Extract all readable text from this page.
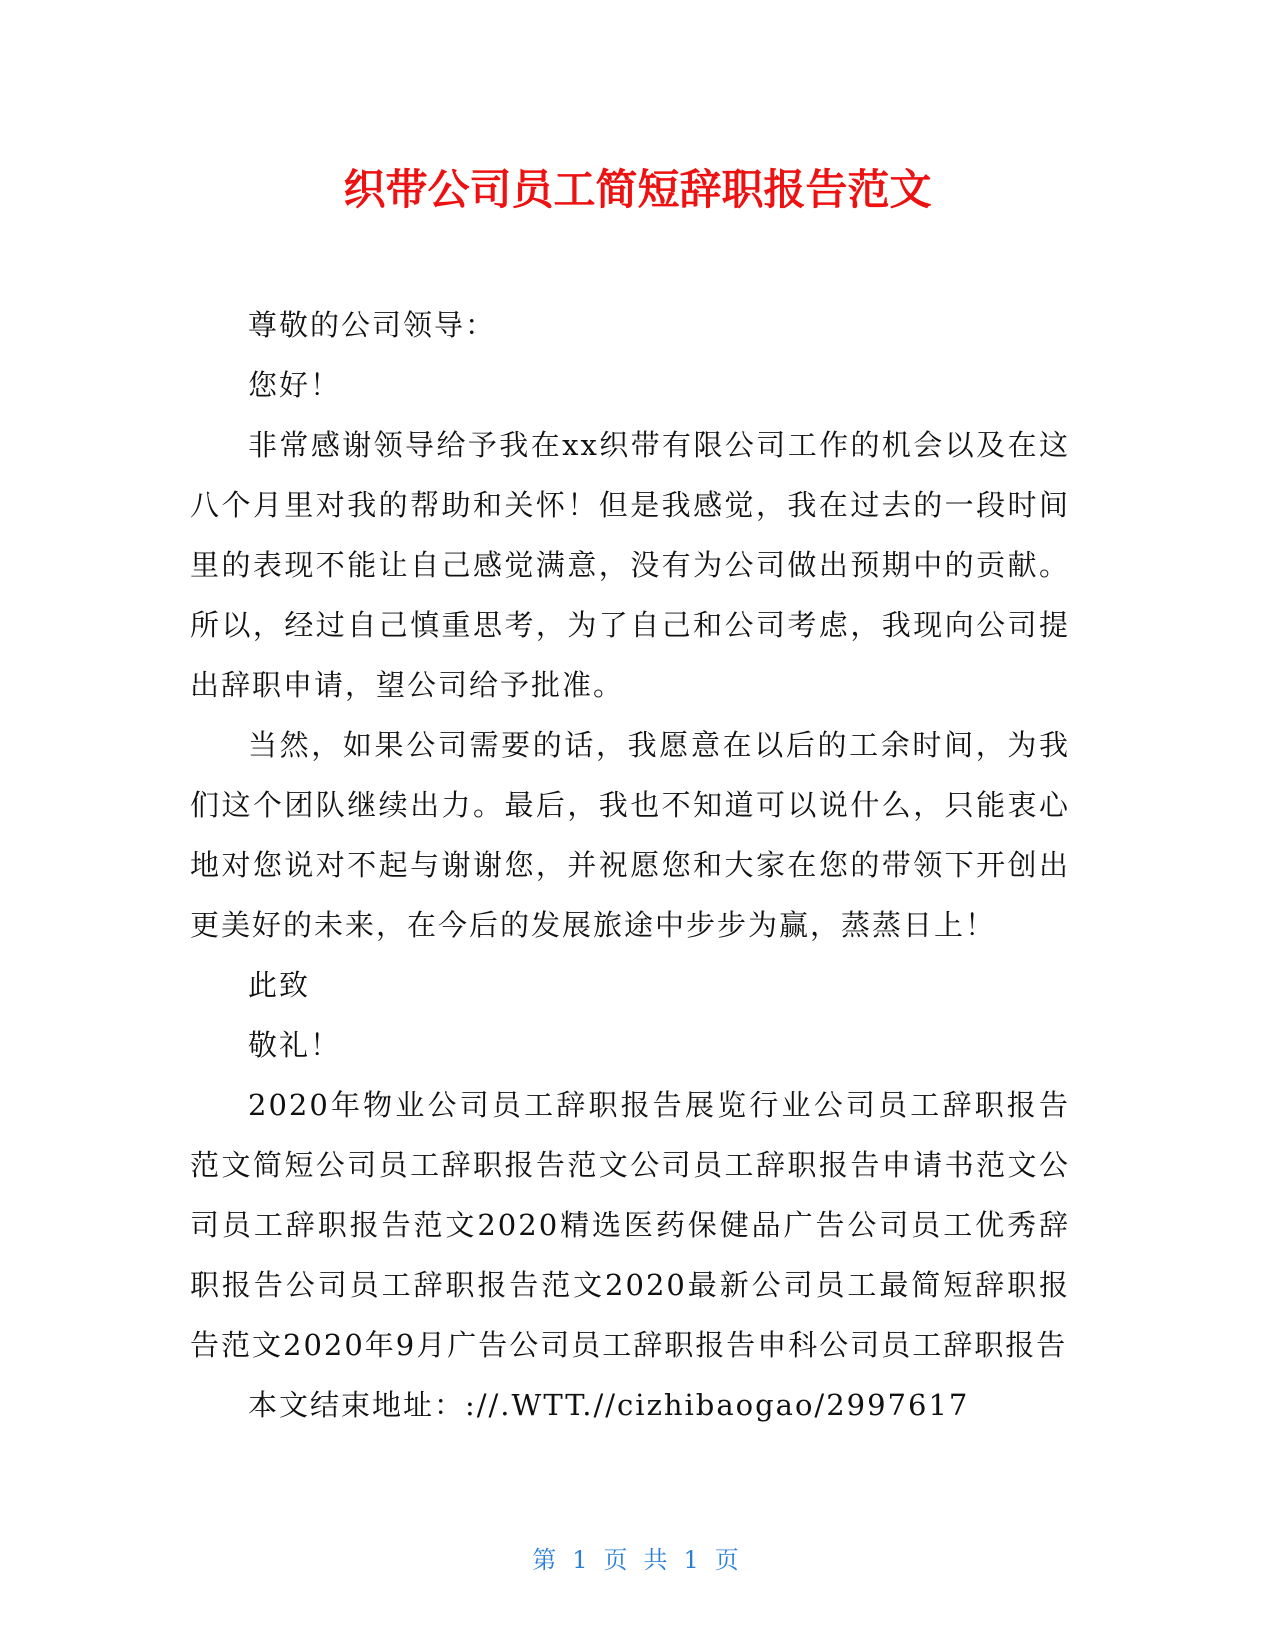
织带公司员工简短辞职报告范文

尊敬的公司领导：

您好！

非常感谢领导给予我在xx织带有限公司工作的机会以及在这八个月里对我的帮助和关怀！但是我感觉，我在过去的一段时间里的表现不能让自己感觉满意，没有为公司做出预期中的贡献。所以，经过自己慎重思考，为了自己和公司考虑，我现向公司提出辞职申请，望公司给予批准。

当然，如果公司需要的话，我愿意在以后的工余时间，为我们这个团队继续出力。最后，我也不知道可以说什么，只能衷心地对您说对不起与谢谢您，并祝愿您和大家在您的带领下开创出更美好的未来，在今后的发展旅途中步步为赢，蒸蒸日上！

此致

敬礼！

2020年物业公司员工辞职报告展览行业公司员工辞职报告范文简短公司员工辞职报告范文公司员工辞职报告申请书范文公司员工辞职报告范文2020精选医药保健品广告公司员工优秀辞职报告公司员工辞职报告范文2020最新公司员工最简短辞职报告范文2020年9月广告公司员工辞职报告申科公司员工辞职报告

本文结束地址：://.WTT.//cizhibaogao/2997617

第 1 页 共 1 页
